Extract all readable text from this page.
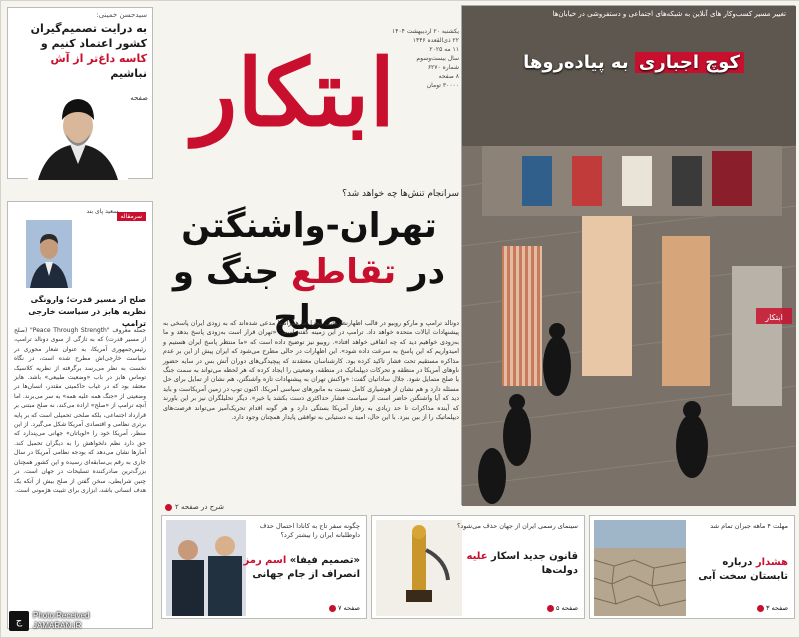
سیدحسن خمینی:
به درایت تصمیم‌گیران
کشور اعتماد کنیم و
کاسه داغ‌تر از آش نباشیم
صفحه
سرمقاله
سعید پای بند
صلح از مسیر قدرت؛ وارونگی نظریه هابز در سیاست خارجی ترامپ
جمله معروف "Peace Through Strength" (صلح از مسیر قدرت) که به تازگی از سوی دونالد ترامپ، رئیس‌جمهوری آمریکا، به عنوان شعار محوری در سیاست خارجی‌اش مطرح شده است، در نگاه نخست به نظر می‌رسد برگرفته از نظریه کلاسیک توماس هابز در باب «وضعیت طبیعی» باشد. هابز معتقد بود که در غیاب حاکمیتی مقتدر، انسان‌ها در وضعیتی از «جنگ همه علیه همه» به سر می‌برند. اما آنچه ترامپ از «صلح» اراده می‌کند، نه صلح مبتنی بر قرارداد اجتماعی، بلکه صلحی تحمیلی است که بر پایه برتری نظامی و اقتصادی آمریکا شکل می‌گیرد. از این منظر، آمریکا خود را «لویاتان» جهانی می‌پندارد که حق دارد نظم دلخواهش را به دیگران تحمیل کند. آمارها نشان می‌دهد که بودجه نظامی آمریکا در سال جاری به رقم بی‌سابقه‌ای رسیده و این کشور همچنان بزرگ‌ترین صادرکننده تسلیحات در جهان است. در چنین شرایطی، سخن گفتن از صلح بیش از آنکه یک هدف انسانی باشد، ابزاری برای تثبیت هژمونی است.
ابتکار
یکشنبه ۲۰ اردیبهشت ۱۴۰۴
۲۲ ذی‌القعده ۱۴۴۶
۱۱ مه ۲۰۲۵
سال بیست‌وسوم
شماره ۶۲۷۰
۸ صفحه
۳۰۰۰۰ تومان
سرانجام تنش‌ها چه خواهد شد؟
تهران-واشنگتن
در تقاطع جنگ و صلح
دونالد ترامپ و مارکو روبیو در قالب اظهارنظرهایی مجزا اما همراستا مدعی شده‌اند که به زودی ایران پاسخی به پیشنهادات ایالات متحده خواهد داد. ترامپ در این زمینه گفته است: «تهران قرار است به‌زودی پاسخ بدهد و ما به‌زودی خواهیم دید که چه اتفاقی خواهد افتاد». روبیو نیز توضیح داده است که «ما منتظر پاسخ ایران هستیم و امیدواریم که این پاسخ به سرعت داده شود». این اظهارات در حالی مطرح می‌شود که ایران پیش از این بر عدم مذاکره مستقیم تحت فشار تاکید کرده بود. کارشناسان معتقدند که پیچیدگی‌های دوران آتش بس در سایه حضور ناوهای آمریکا در منطقه و تحرکات دیپلماتیک در منطقه، وضعیتی را ایجاد کرده که هر لحظه می‌تواند به سمت جنگ یا صلح متمایل شود. جلال ساداتیان گفت: «واکنش تهران به پیشنهادات تازه واشنگتن، هم نشان از تمایل برای حل مسئله دارد و هم نشان از هوشیاری کامل نسبت به مانورهای سیاسی آمریکا. اکنون توپ در زمین آمریکاست و باید دید که آیا واشنگتن حاضر است از سیاست فشار حداکثری دست بکشد یا خیر». دیگر تحلیلگران نیز بر این باورند که آینده مذاکرات تا حد زیادی به رفتار آمریکا بستگی دارد و هر گونه اقدام تحریک‌آمیز می‌تواند فرصت‌های دیپلماتیک را از بین ببرد. با این حال، امید به دستیابی به توافقی پایدار همچنان وجود دارد.
شرح در صفحه ۲
ابتکار
تغییر مسیر کسب‌وکار های آنلاین به شبکه‌های اجتماعی و دستفروشی در خیابان‌ها
کوچ اجباری به پیاده‌روها
چگونه سفر تاج به کانادا احتمال حذف داوطلبانه ایران را بیشتر کرد؟
«تصمیم فیفا» اسم رمز
انصراف از جام جهانی
صفحه ۷
سینمای رسمی ایران از جهان حذف می‌شود؟
قانون جدید اسکار علیه
دولت‌ها
صفحه ۵
مهلت ۴ ماهه جبران تمام شد
هشدار درباره
تابستان سخت آبی
صفحه ۳
ج	Photo:Received
JAMARAN.IR
